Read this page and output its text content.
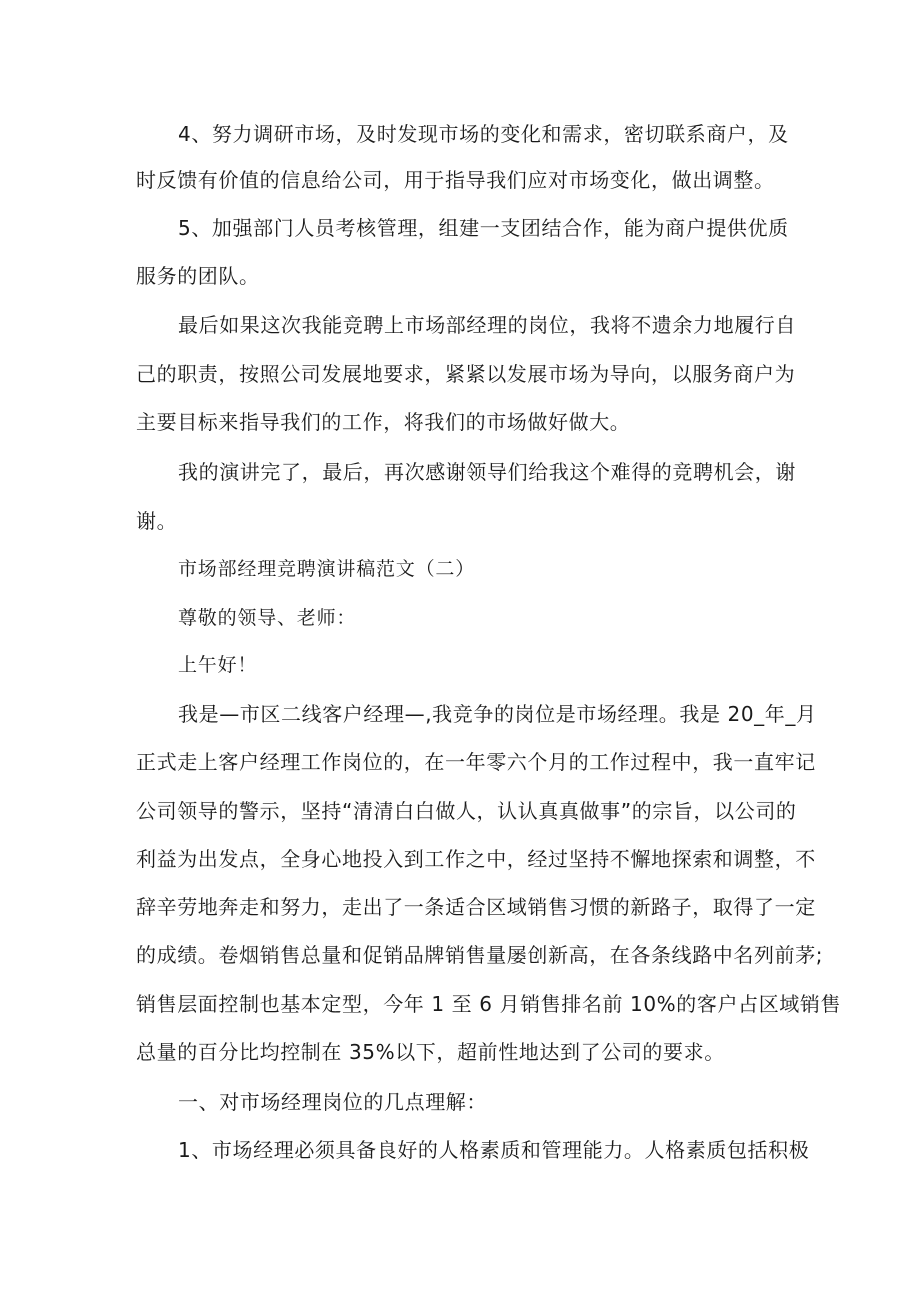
4、努力调研市场，及时发现市场的变化和需求，密切联系商户，及
时反馈有价值的信息给公司，用于指导我们应对市场变化，做出调整。
5、加强部门人员考核管理，组建一支团结合作，能为商户提供优质
服务的团队。
最后如果这次我能竞聘上市场部经理的岗位，我将不遗余力地履行自
己的职责，按照公司发展地要求，紧紧以发展市场为导向，以服务商户为
主要目标来指导我们的工作，将我们的市场做好做大。
我的演讲完了，最后，再次感谢领导们给我这个难得的竞聘机会，谢
谢。
市场部经理竞聘演讲稿范文（二）
尊敬的领导、老师：
上午好！
我是—市区二线客户经理—,我竞争的岗位是市场经理。我是 20_年_月
正式走上客户经理工作岗位的，在一年零六个月的工作过程中，我一直牢记
公司领导的警示，坚持“清清白白做人，认认真真做事”的宗旨，以公司的
利益为出发点，全身心地投入到工作之中，经过坚持不懈地探索和调整，不
辞辛劳地奔走和努力，走出了一条适合区域销售习惯的新路子，取得了一定
的成绩。卷烟销售总量和促销品牌销售量屡创新高，在各条线路中名列前茅;
销售层面控制也基本定型，今年 1 至 6 月销售排名前 10%的客户占区域销售
总量的百分比均控制在 35%以下，超前性地达到了公司的要求。
一、对市场经理岗位的几点理解：
1、市场经理必须具备良好的人格素质和管理能力。人格素质包括积极
